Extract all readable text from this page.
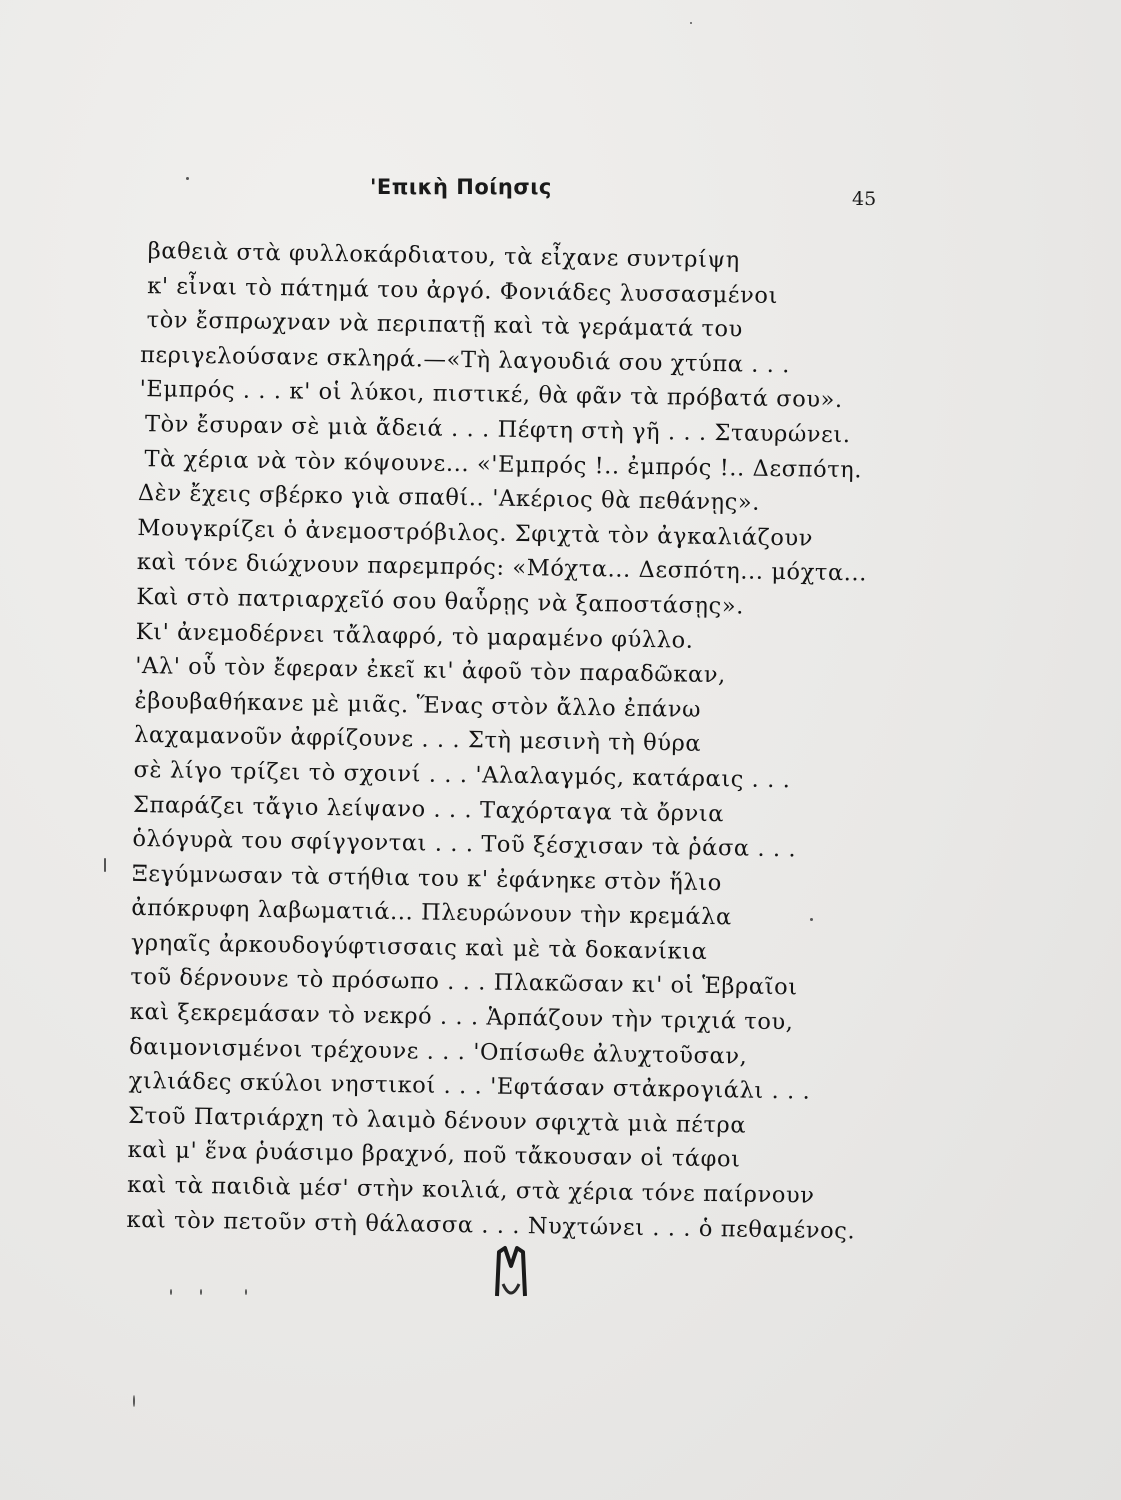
'Επικὴ Ποίησις	45
βαθειὰ στὰ φυλλοκάρδιατου, τὰ εἶχανε συντρίψη
κ' εἶναι τὸ πάτημά του ἀργό. Φονιάδες λυσσασμένοι
τὸν ἔσπρωχναν νὰ περιπατῇ καὶ τὰ γεράματά του
περιγελούσανε σκληρά.—«Τὴ λαγουδιά σου χτύπα . . .
'Εμπρός . . . κ' οἱ λύκοι, πιστικέ, θὰ φᾶν τὰ πρόβατά σου».
Τὸν ἔσυραν σὲ μιὰ ἄδειά . . . Πέφτη στὴ γῆ . . . Σταυρώνει.
Τὰ χέρια νὰ τὸν κόψουνε... «'Εμπρός !.. ἐμπρός !.. Δεσπότη.
Δὲν ἔχεις σβέρκο γιὰ σπαθί.. 'Ακέριος θὰ πεθάνῃς».
Μουγκρίζει ὁ ἀνεμοστρόβιλος. Σφιχτὰ τὸν ἀγκαλιάζουν
καὶ τόνε διώχνουν παρεμπρός: «Μόχτα... Δεσπότη... μόχτα...
Καὶ στὸ πατριαρχεῖό σου θαὗρῃς νὰ ξαποστάσῃς».
Κι' ἀνεμοδέρνει τἄλαφρό, τὸ μαραμένο φύλλο.
'Αλ' οὗ τὸν ἔφεραν ἐκεῖ κι' ἀφοῦ τὸν παραδῶκαν,
ἐβουβαθήκανε μὲ μιᾶς. Ἕνας στὸν ἄλλο ἐπάνω
λαχαμανοῦν ἀφρίζουνε . . . Στὴ μεσινὴ τὴ θύρα
σὲ λίγο τρίζει τὸ σχοινί . . . 'Αλαλαγμός, κατάραις . . .
Σπαράζει τἄγιο λείψανο . . . Ταχόρταγα τὰ ὄρνια
ὁλόγυρὰ του σφίγγονται . . . Τοῦ ξέσχισαν τὰ ῥάσα . . .
Ξεγύμνωσαν τὰ στήθια του κ' ἐφάνηκε στὸν ἥλιο
ἀπόκρυφη λαβωματιά... Πλευρώνουν τὴν κρεμάλα
γρηαῖς ἀρκουδογύφτισσαις καὶ μὲ τὰ δοκανίκια
τοῦ δέρνουνε τὸ πρόσωπο . . . Πλακῶσαν κι' οἱ Ἑβραῖοι
καὶ ξεκρεμάσαν τὸ νεκρό . . . Ἁρπάζουν τὴν τριχιά του,
δαιμονισμένοι τρέχουνε . . . 'Οπίσωθε ἀλυχτοῦσαν,
χιλιάδες σκύλοι νηστικοί . . . 'Εφτάσαν στἀκρογιάλι . . .
Στοῦ Πατριάρχη τὸ λαιμὸ δένουν σφιχτὰ μιὰ πέτρα
καὶ μ' ἕνα ῥυάσιμο βραχνό, ποῦ τἄκουσαν οἱ τάφοι
καὶ τὰ παιδιὰ μέσ' στὴν κοιλιά, στὰ χέρια τόνε παίρνουν
καὶ τὸν πετοῦν στὴ θάλασσα . . . Νυχτώνει . . . ὁ πεθαμένος.
